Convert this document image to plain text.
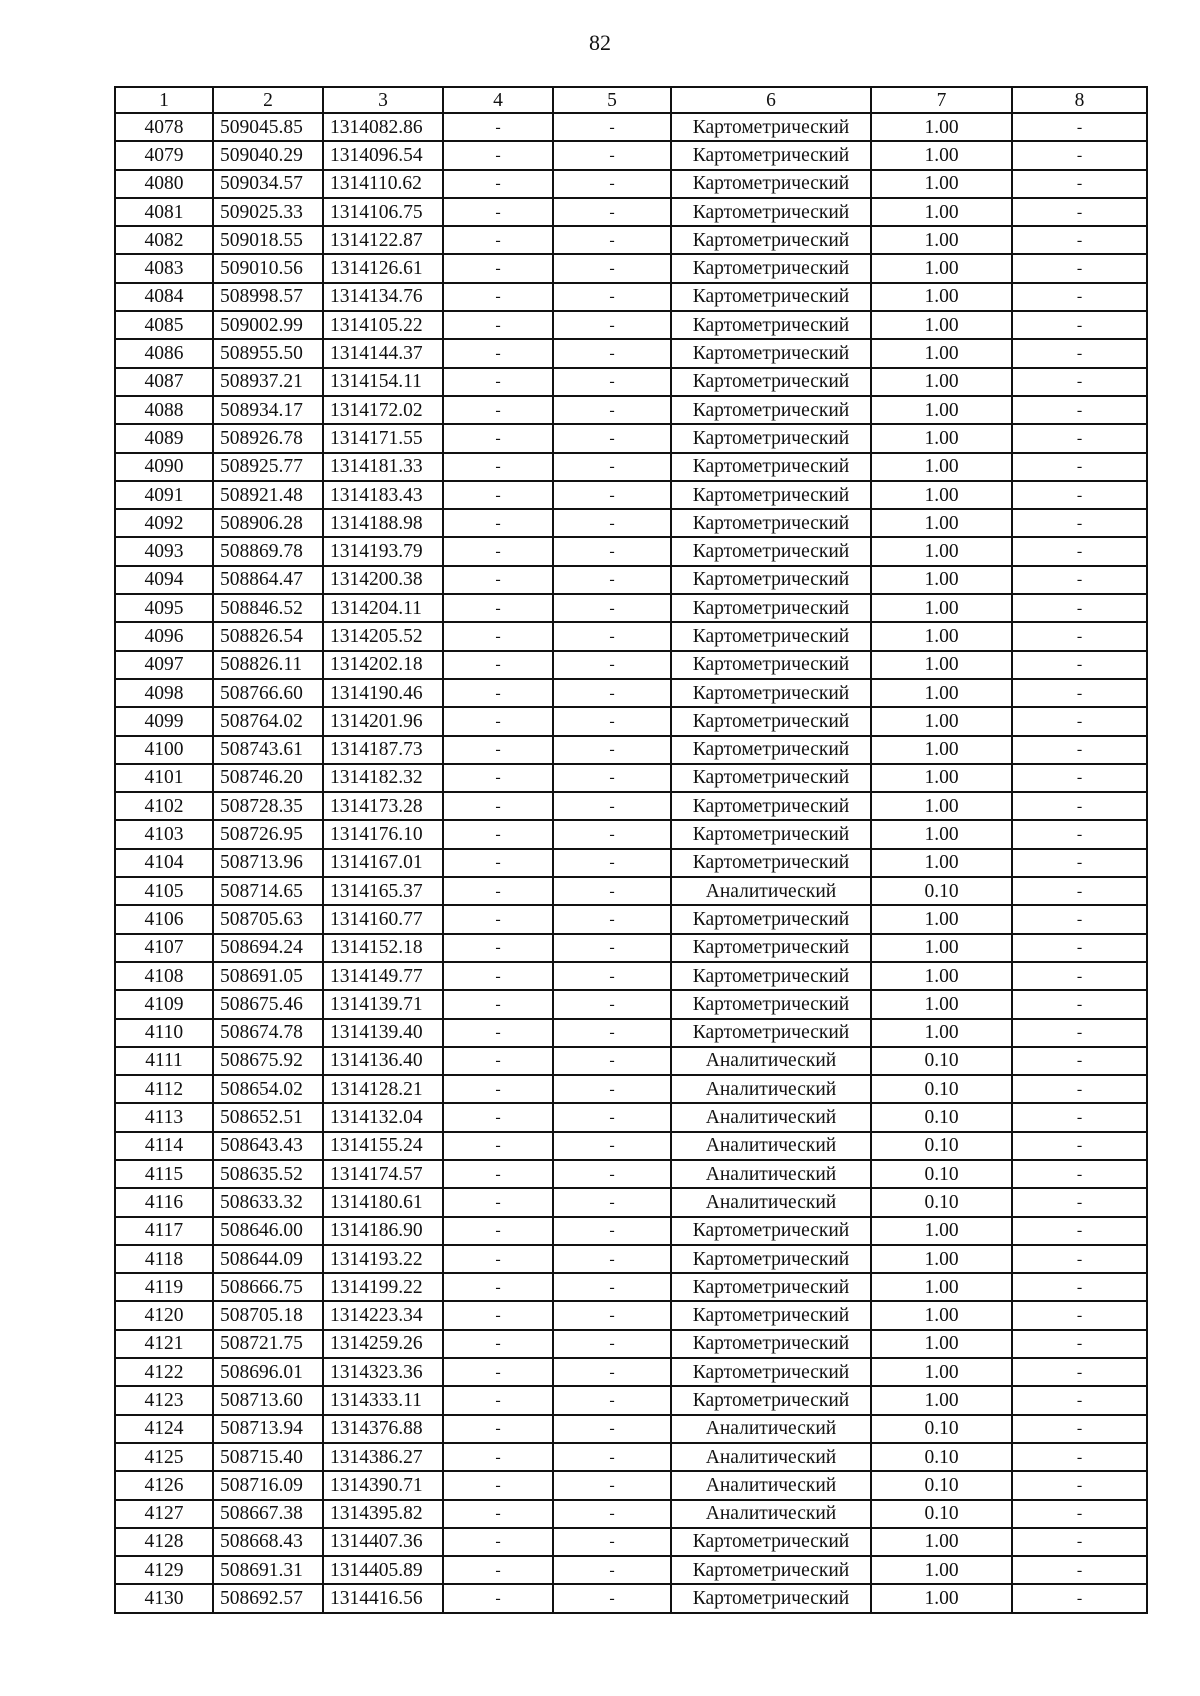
82
1	2	3	4	5	6	7	8
4078	509045.85	1314082.86	-	-	Картометрический	1.00	-
4079	509040.29	1314096.54	-	-	Картометрический	1.00	-
4080	509034.57	1314110.62	-	-	Картометрический	1.00	-
4081	509025.33	1314106.75	-	-	Картометрический	1.00	-
4082	509018.55	1314122.87	-	-	Картометрический	1.00	-
4083	509010.56	1314126.61	-	-	Картометрический	1.00	-
4084	508998.57	1314134.76	-	-	Картометрический	1.00	-
4085	509002.99	1314105.22	-	-	Картометрический	1.00	-
4086	508955.50	1314144.37	-	-	Картометрический	1.00	-
4087	508937.21	1314154.11	-	-	Картометрический	1.00	-
4088	508934.17	1314172.02	-	-	Картометрический	1.00	-
4089	508926.78	1314171.55	-	-	Картометрический	1.00	-
4090	508925.77	1314181.33	-	-	Картометрический	1.00	-
4091	508921.48	1314183.43	-	-	Картометрический	1.00	-
4092	508906.28	1314188.98	-	-	Картометрический	1.00	-
4093	508869.78	1314193.79	-	-	Картометрический	1.00	-
4094	508864.47	1314200.38	-	-	Картометрический	1.00	-
4095	508846.52	1314204.11	-	-	Картометрический	1.00	-
4096	508826.54	1314205.52	-	-	Картометрический	1.00	-
4097	508826.11	1314202.18	-	-	Картометрический	1.00	-
4098	508766.60	1314190.46	-	-	Картометрический	1.00	-
4099	508764.02	1314201.96	-	-	Картометрический	1.00	-
4100	508743.61	1314187.73	-	-	Картометрический	1.00	-
4101	508746.20	1314182.32	-	-	Картометрический	1.00	-
4102	508728.35	1314173.28	-	-	Картометрический	1.00	-
4103	508726.95	1314176.10	-	-	Картометрический	1.00	-
4104	508713.96	1314167.01	-	-	Картометрический	1.00	-
4105	508714.65	1314165.37	-	-	Аналитический	0.10	-
4106	508705.63	1314160.77	-	-	Картометрический	1.00	-
4107	508694.24	1314152.18	-	-	Картометрический	1.00	-
4108	508691.05	1314149.77	-	-	Картометрический	1.00	-
4109	508675.46	1314139.71	-	-	Картометрический	1.00	-
4110	508674.78	1314139.40	-	-	Картометрический	1.00	-
4111	508675.92	1314136.40	-	-	Аналитический	0.10	-
4112	508654.02	1314128.21	-	-	Аналитический	0.10	-
4113	508652.51	1314132.04	-	-	Аналитический	0.10	-
4114	508643.43	1314155.24	-	-	Аналитический	0.10	-
4115	508635.52	1314174.57	-	-	Аналитический	0.10	-
4116	508633.32	1314180.61	-	-	Аналитический	0.10	-
4117	508646.00	1314186.90	-	-	Картометрический	1.00	-
4118	508644.09	1314193.22	-	-	Картометрический	1.00	-
4119	508666.75	1314199.22	-	-	Картометрический	1.00	-
4120	508705.18	1314223.34	-	-	Картометрический	1.00	-
4121	508721.75	1314259.26	-	-	Картометрический	1.00	-
4122	508696.01	1314323.36	-	-	Картометрический	1.00	-
4123	508713.60	1314333.11	-	-	Картометрический	1.00	-
4124	508713.94	1314376.88	-	-	Аналитический	0.10	-
4125	508715.40	1314386.27	-	-	Аналитический	0.10	-
4126	508716.09	1314390.71	-	-	Аналитический	0.10	-
4127	508667.38	1314395.82	-	-	Аналитический	0.10	-
4128	508668.43	1314407.36	-	-	Картометрический	1.00	-
4129	508691.31	1314405.89	-	-	Картометрический	1.00	-
4130	508692.57	1314416.56	-	-	Картометрический	1.00	-
